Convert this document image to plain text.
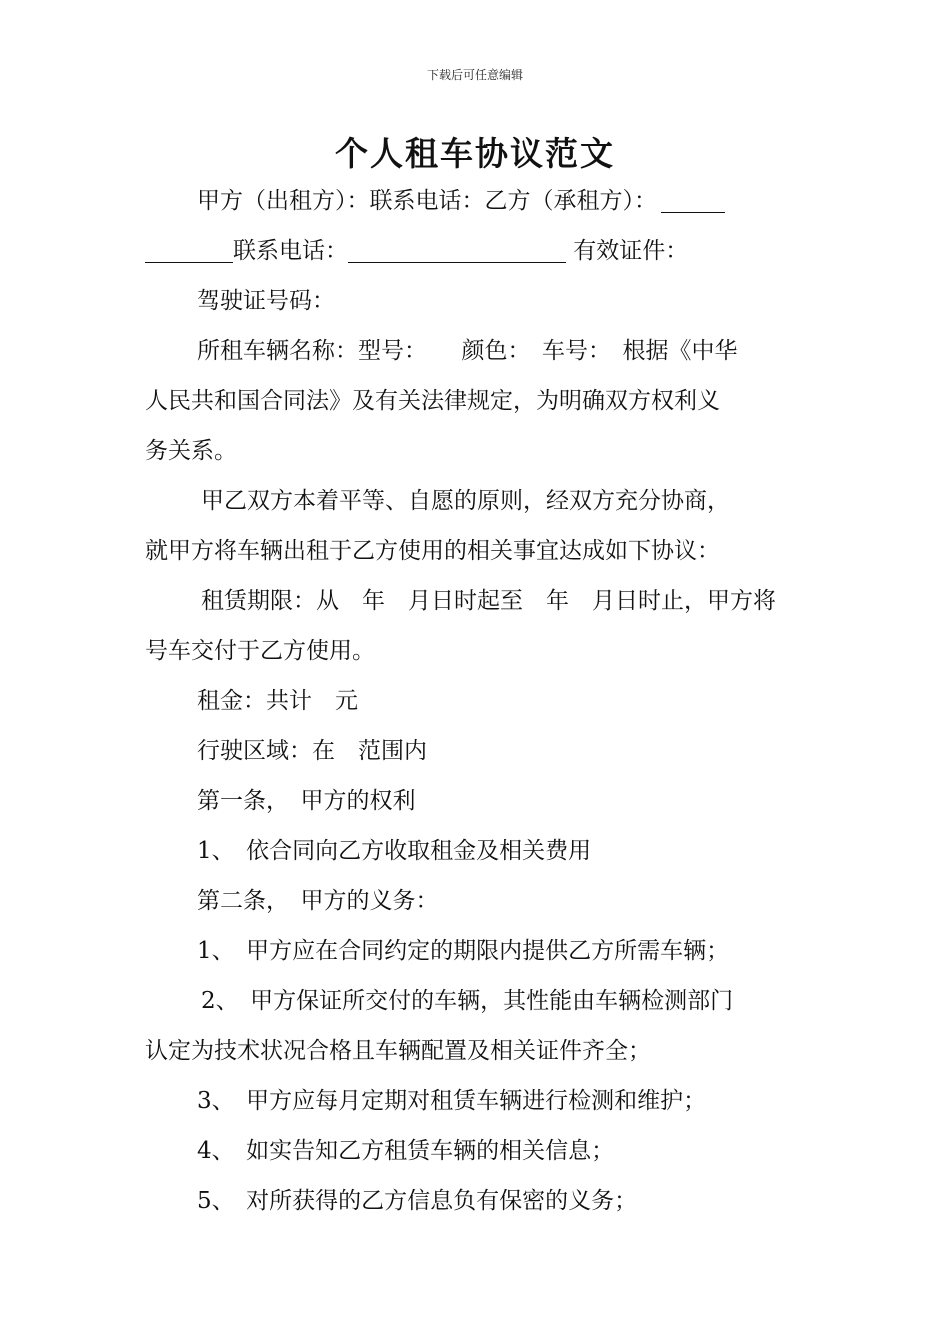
下载后可任意编辑
个人租车协议范文
甲方（出租方）：联系电话：乙方（承租方）：
联系电话：	有效证件：
驾驶证号码：
所租车辆名称：型号：　　颜色：　车号：　根据《中华
人民共和国合同法》及有关法律规定，为明确双方权利义
务关系。
甲乙双方本着平等、自愿的原则，经双方充分协商，
就甲方将车辆出租于乙方使用的相关事宜达成如下协议：
租赁期限：从　年　月日时起至　年　月日时止，甲方将
号车交付于乙方使用。
租金：共计　元
行驶区域：在　范围内
第一条，　甲方的权利
1、　依合同向乙方收取租金及相关费用
第二条，　甲方的义务：
1、　甲方应在合同约定的期限内提供乙方所需车辆；
2、　甲方保证所交付的车辆，其性能由车辆检测部门
认定为技术状况合格且车辆配置及相关证件齐全；
3、　甲方应每月定期对租赁车辆进行检测和维护；
4、　如实告知乙方租赁车辆的相关信息；
5、　对所获得的乙方信息负有保密的义务；
